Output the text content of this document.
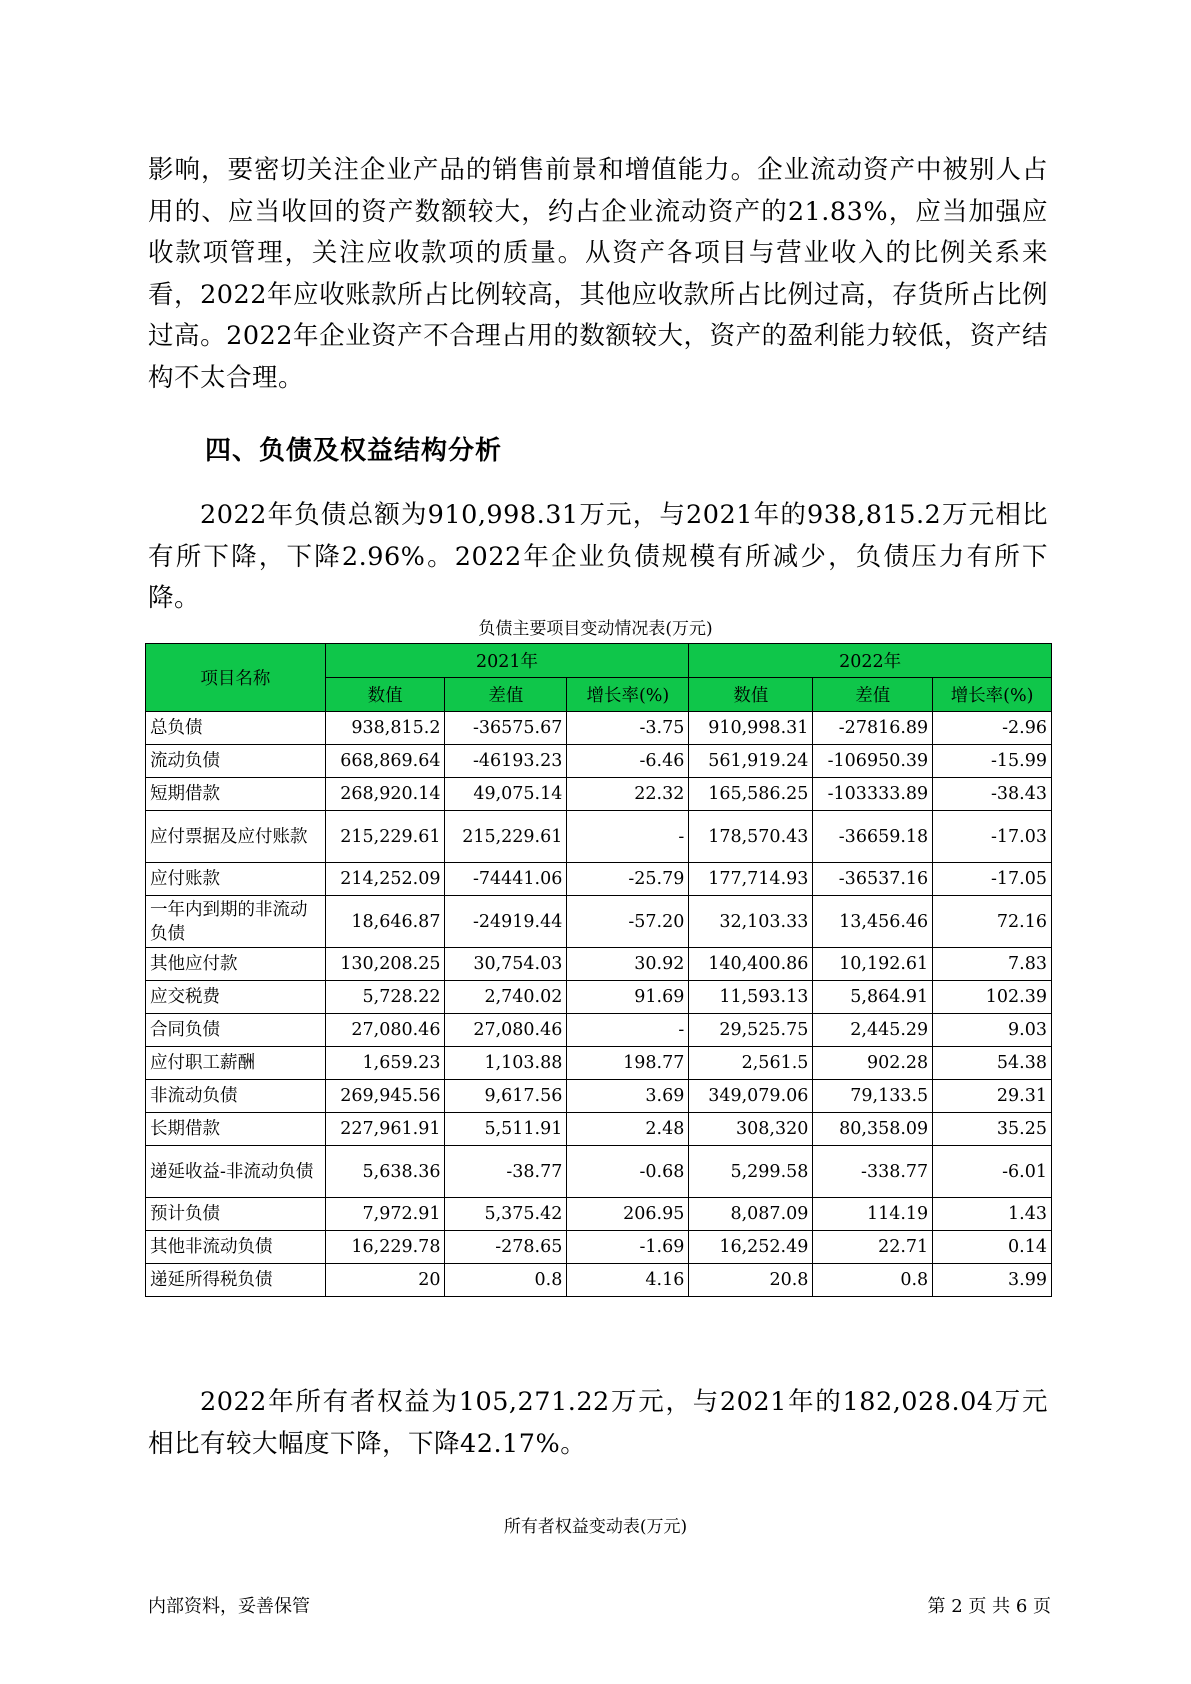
影响，要密切关注企业产品的销售前景和增值能力。企业流动资产中被别人占用的、应当收回的资产数额较大，约占企业流动资产的21.83%，应当加强应收款项管理，关注应收款项的质量。从资产各项目与营业收入的比例关系来看，2022年应收账款所占比例较高，其他应收款所占比例过高，存货所占比例过高。2022年企业资产不合理占用的数额较大，资产的盈利能力较低，资产结构不太合理。
四、负债及权益结构分析
2022年负债总额为910,998.31万元，与2021年的938,815.2万元相比有所下降，下降2.96%。2022年企业负债规模有所减少，负债压力有所下降。
负债主要项目变动情况表(万元)
项目名称	2021年			2022年		
	数值	差值	增长率(%)	数值	差值	增长率(%)
总负债	938,815.2	-36575.67	-3.75	910,998.31	-27816.89	-2.96
流动负债	668,869.64	-46193.23	-6.46	561,919.24	-106950.39	-15.99
短期借款	268,920.14	49,075.14	22.32	165,586.25	-103333.89	-38.43
应付票据及应付账款	215,229.61	215,229.61	-	178,570.43	-36659.18	-17.03
应付账款	214,252.09	-74441.06	-25.79	177,714.93	-36537.16	-17.05
一年内到期的非流动负债	18,646.87	-24919.44	-57.20	32,103.33	13,456.46	72.16
其他应付款	130,208.25	30,754.03	30.92	140,400.86	10,192.61	7.83
应交税费	5,728.22	2,740.02	91.69	11,593.13	5,864.91	102.39
合同负债	27,080.46	27,080.46	-	29,525.75	2,445.29	9.03
应付职工薪酬	1,659.23	1,103.88	198.77	2,561.5	902.28	54.38
非流动负债	269,945.56	9,617.56	3.69	349,079.06	79,133.5	29.31
长期借款	227,961.91	5,511.91	2.48	308,320	80,358.09	35.25
递延收益-非流动负债	5,638.36	-38.77	-0.68	5,299.58	-338.77	-6.01
预计负债	7,972.91	5,375.42	206.95	8,087.09	114.19	1.43
其他非流动负债	16,229.78	-278.65	-1.69	16,252.49	22.71	0.14
递延所得税负债	20	0.8	4.16	20.8	0.8	3.99
2022年所有者权益为105,271.22万元，与2021年的182,028.04万元相比有较大幅度下降，下降42.17%。
所有者权益变动表(万元)
内部资料，妥善保管	第 2 页 共 6 页
